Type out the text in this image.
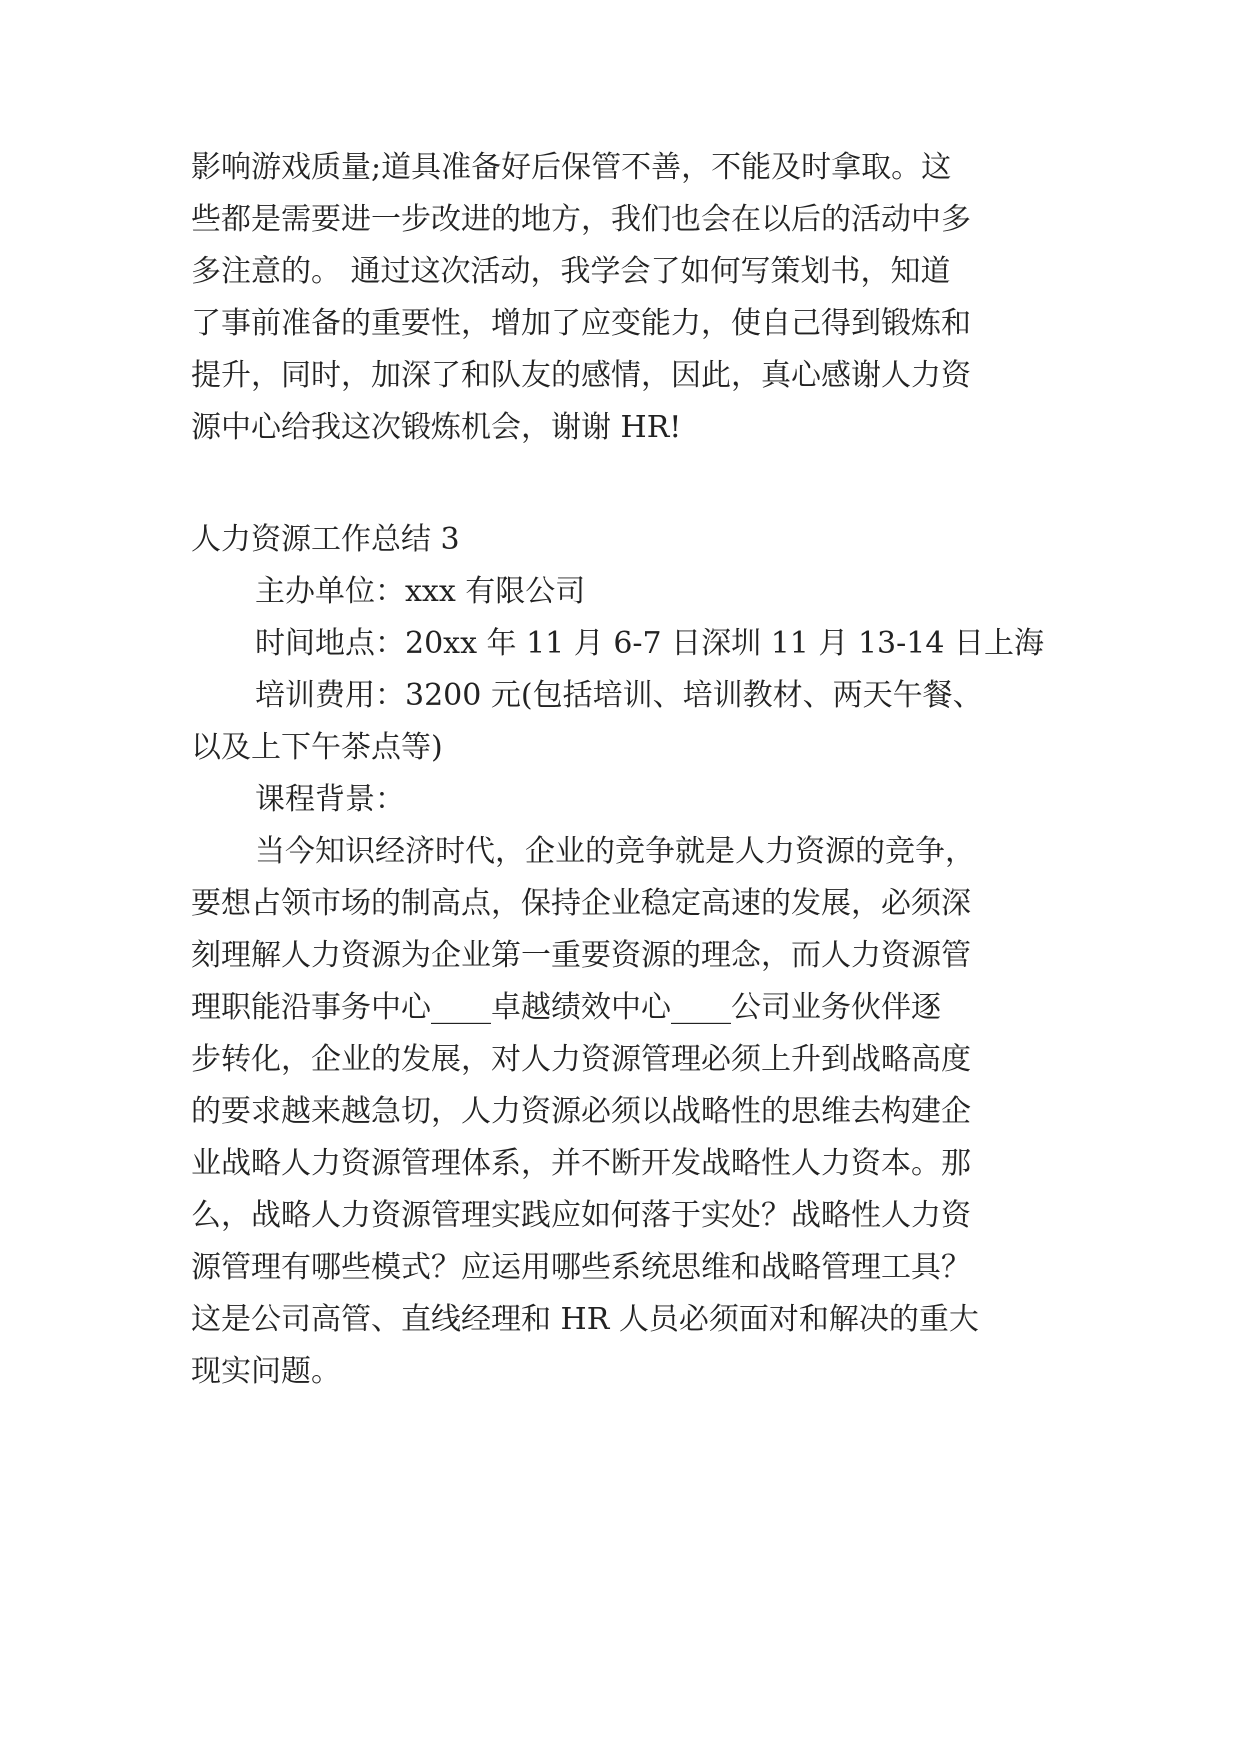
影响游戏质量;道具准备好后保管不善，不能及时拿取。这

些都是需要进一步改进的地方，我们也会在以后的活动中多

多注意的。 通过这次活动，我学会了如何写策划书，知道

了事前准备的重要性，增加了应变能力，使自己得到锻炼和

提升，同时，加深了和队友的感情，因此，真心感谢人力资

源中心给我这次锻炼机会，谢谢 HR!

人力资源工作总结 3

主办单位：xxx 有限公司

时间地点：20xx 年 11 月 6-7 日深圳 11 月 13-14 日上海

培训费用：3200 元(包括培训、培训教材、两天午餐、

以及上下午茶点等)

课程背景：

当今知识经济时代，企业的竞争就是人力资源的竞争，

要想占领市场的制高点，保持企业稳定高速的发展，必须深

刻理解人力资源为企业第一重要资源的理念，而人力资源管

理职能沿事务中心____卓越绩效中心____公司业务伙伴逐

步转化，企业的发展，对人力资源管理必须上升到战略高度

的要求越来越急切，人力资源必须以战略性的思维去构建企

业战略人力资源管理体系，并不断开发战略性人力资本。那

么，战略人力资源管理实践应如何落于实处？战略性人力资

源管理有哪些模式？应运用哪些系统思维和战略管理工具？

这是公司高管、直线经理和 HR 人员必须面对和解决的重大

现实问题。
